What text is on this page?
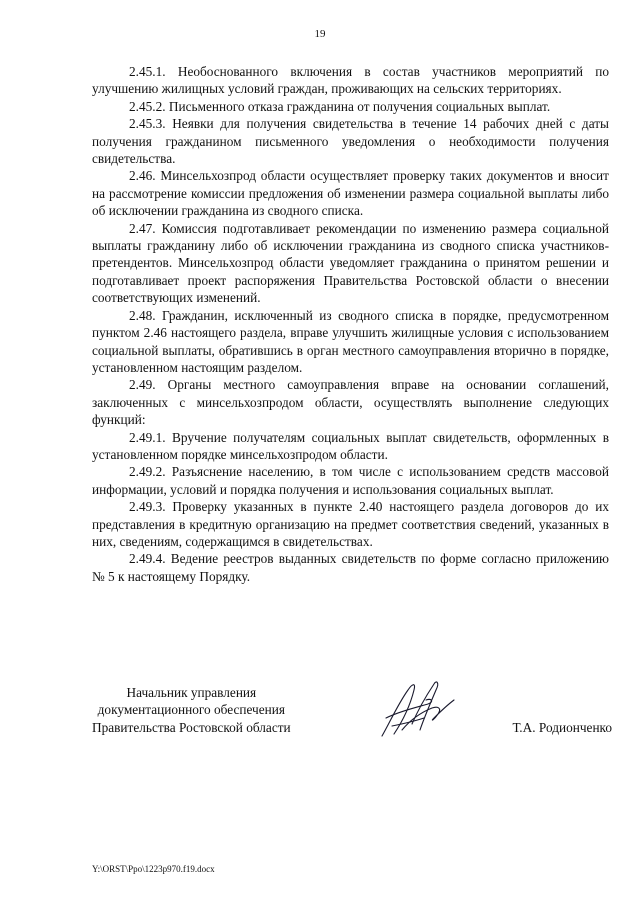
19

2.45.1. Необоснованного включения в состав участников мероприятий по улучшению жилищных условий граждан, проживающих на сельских территориях.

2.45.2. Письменного отказа гражданина от получения социальных выплат.

2.45.3. Неявки для получения свидетельства в течение 14 рабочих дней с даты получения гражданином письменного уведомления о необходимости получения свидетельства.

2.46. Минсельхозпрод области осуществляет проверку таких документов и вносит на рассмотрение комиссии предложения об изменении размера социальной выплаты либо об исключении гражданина из сводного списка.

2.47. Комиссия подготавливает рекомендации по изменению размера социальной выплаты гражданину либо об исключении гражданина из сводного списка участников-претендентов. Минсельхозпрод области уведомляет гражданина о принятом решении и подготавливает проект распоряжения Правительства Ростовской области о внесении соответствующих изменений.

2.48. Гражданин, исключенный из сводного списка в порядке, предусмотренном пунктом 2.46 настоящего раздела, вправе улучшить жилищные условия с использованием социальной выплаты, обратившись в орган местного самоуправления вторично в порядке, установленном настоящим разделом.

2.49. Органы местного самоуправления вправе на основании соглашений, заключенных с минсельхозпродом области, осуществлять выполнение следующих функций:

2.49.1. Вручение получателям социальных выплат свидетельств, оформленных в установленном порядке минсельхозпродом области.

2.49.2. Разъяснение населению, в том числе с использованием средств массовой информации, условий и порядка получения и использования социальных выплат.

2.49.3. Проверку указанных в пункте 2.40 настоящего раздела договоров до их представления в кредитную организацию на предмет соответствия сведений, указанных в них, сведениям, содержащимся в свидетельствах.

2.49.4. Ведение реестров выданных свидетельств по форме согласно приложению № 5 к настоящему Порядку.

Начальник управления
документационного обеспечения
Правительства Ростовской области	Т.А. Родионченко
Y:\ORST\Ppo\1223p970.f19.docx
